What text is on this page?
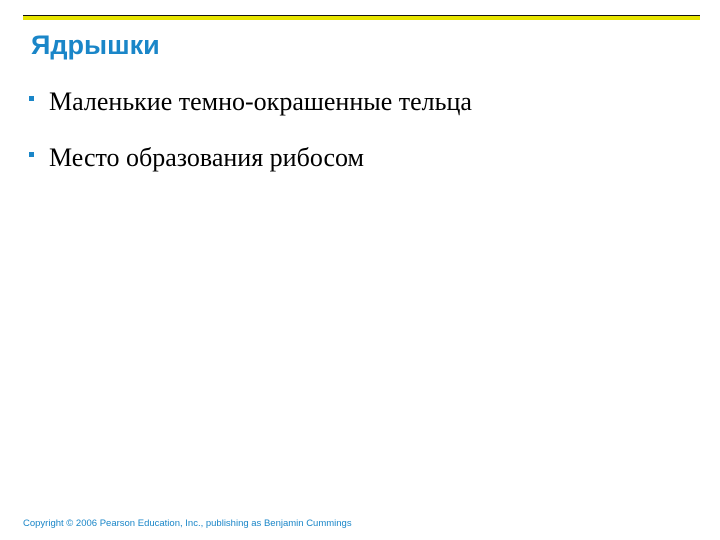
Ядрышки
Маленькие темно-окрашенные тельца
Место образования рибосом
Copyright © 2006 Pearson Education, Inc., publishing as Benjamin Cummings
